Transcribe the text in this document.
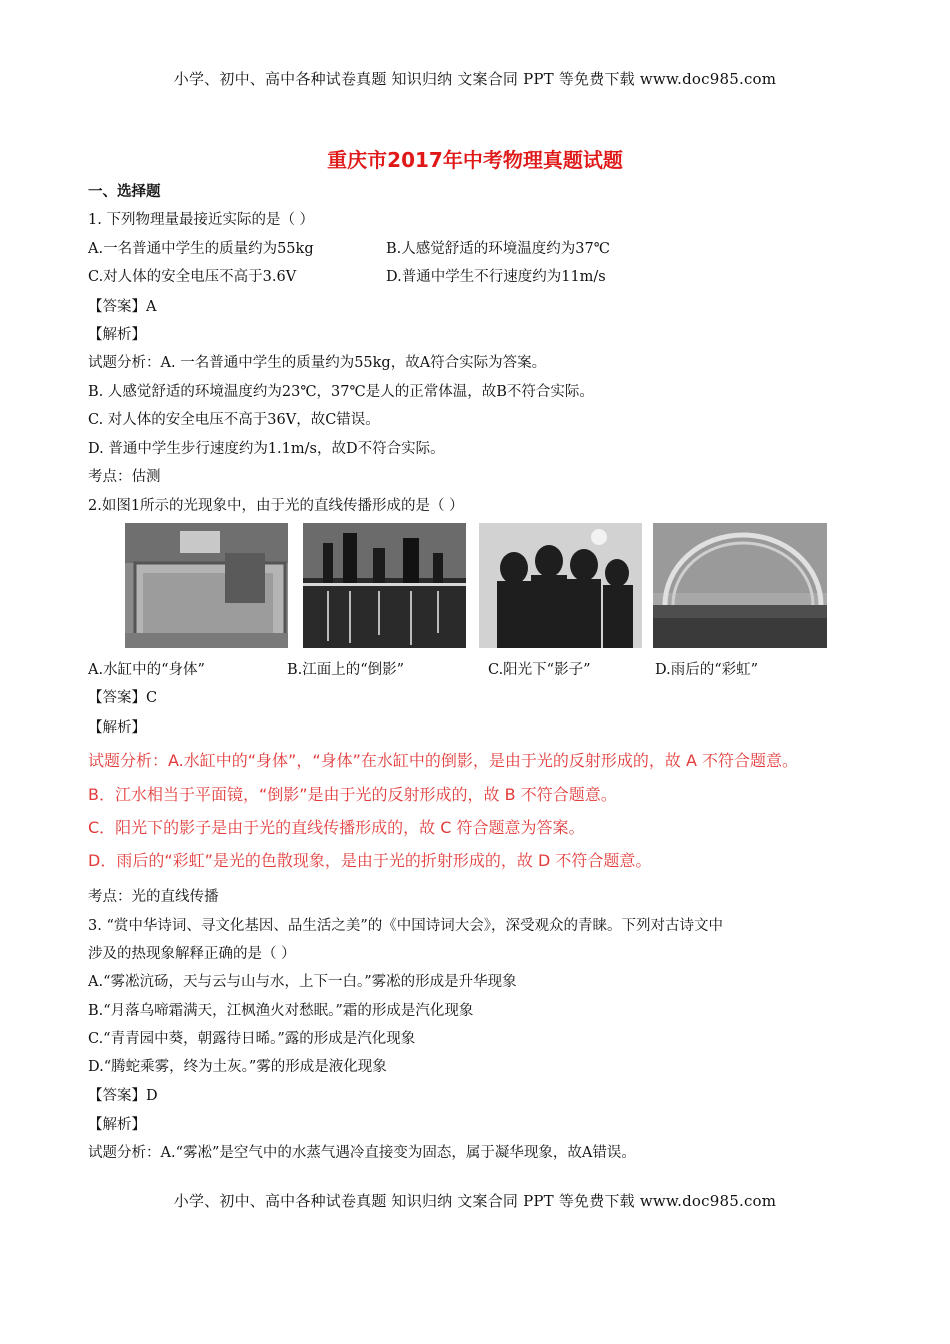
小学、初中、高中各种试卷真题 知识归纳 文案合同 PPT 等免费下载 www.doc985.com
重庆市2017年中考物理真题试题
一、选择题
1. 下列物理量最接近实际的是（ ）
A.一名普通中学生的质量约为55kg	B.人感觉舒适的环境温度约为37℃
C.对人体的安全电压不高于3.6V	D.普通中学生不行速度约为11m/s
【答案】A
【解析】
试题分析：A. 一名普通中学生的质量约为55kg，故A符合实际为答案。
B. 人感觉舒适的环境温度约为23℃，37℃是人的正常体温，故B不符合实际。
C. 对人体的安全电压不高于36V，故C错误。
D. 普通中学生步行速度约为1.1m/s，故D不符合实际。
考点：估测
2.如图1所示的光现象中，由于光的直线传播形成的是（ ）
A.水缸中的“身体”	B.江面上的“倒影”	C.阳光下“影子”	D.雨后的“彩虹”
【答案】C
【解析】
试题分析：A.水缸中的“身体”，“身体”在水缸中的倒影，是由于光的反射形成的，故 A 不符合题意。
B．江水相当于平面镜，“倒影”是由于光的反射形成的，故 B 不符合题意。
C．阳光下的影子是由于光的直线传播形成的，故 C 符合题意为答案。
D．雨后的“彩虹”是光的色散现象，是由于光的折射形成的，故 D 不符合题意。
考点：光的直线传播
3. “赏中华诗词、寻文化基因、品生活之美”的《中国诗词大会》，深受观众的青睐。下列对古诗文中
涉及的热现象解释正确的是（ ）
A.“雾凇沆砀，天与云与山与水，上下一白。”雾凇的形成是升华现象
B.“月落乌啼霜满天，江枫渔火对愁眠。”霜的形成是汽化现象
C.“青青园中葵，朝露待日晞。”露的形成是汽化现象
D.“腾蛇乘雾，终为土灰。”雾的形成是液化现象
【答案】D
【解析】
试题分析：A.“雾凇”是空气中的水蒸气遇冷直接变为固态，属于凝华现象，故A错误。
小学、初中、高中各种试卷真题 知识归纳 文案合同 PPT 等免费下载 www.doc985.com
